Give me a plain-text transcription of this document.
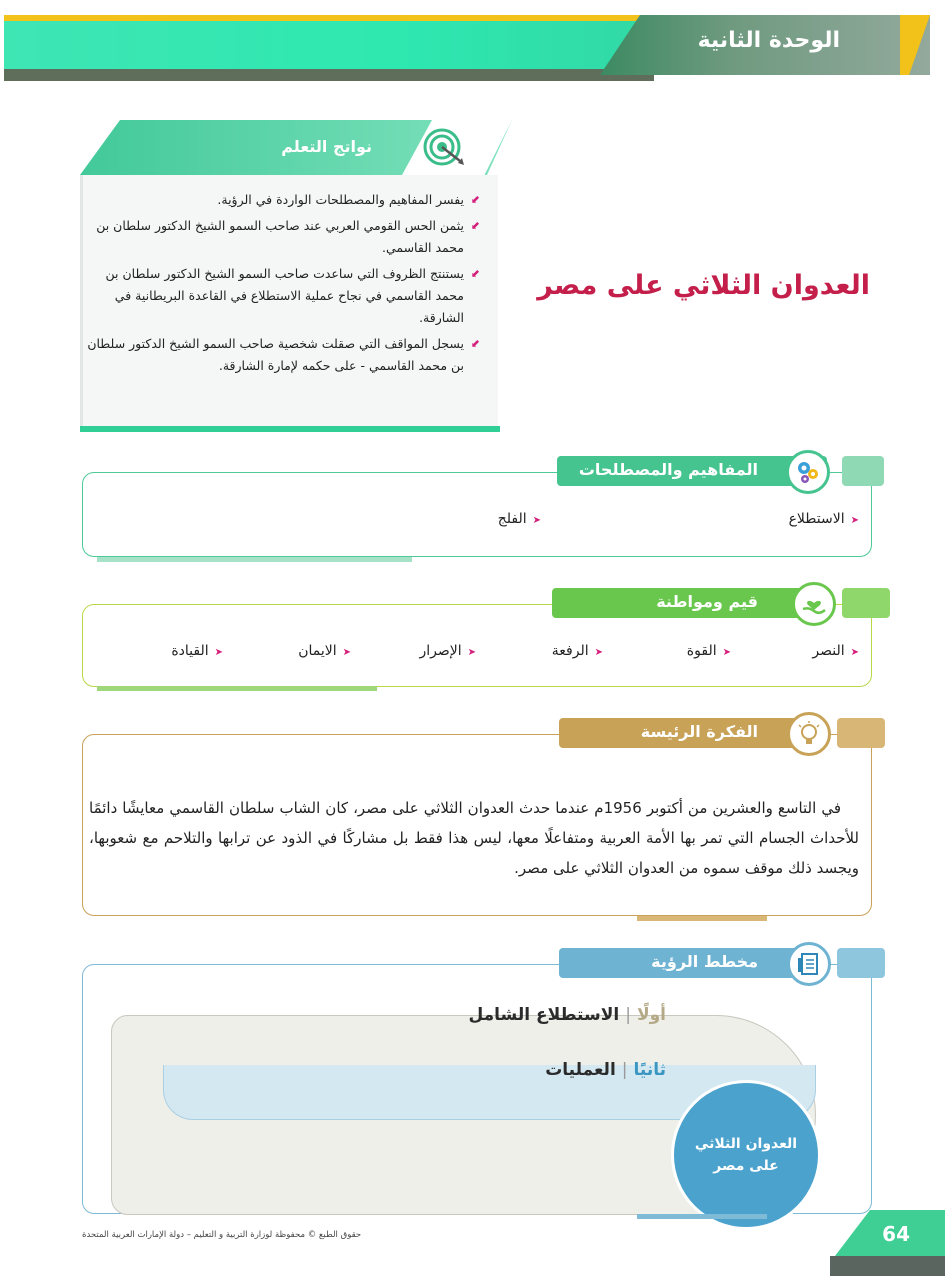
الوحدة الثانية
نواتج التعلم
⬋
يفسر المفاهيم والمصطلحات الواردة في الرؤية.
⬋
يثمن الحس القومي العربي عند صاحب السمو الشيخ الدكتور سلطان بن محمد القاسمي.
⬋
يستنتج الظروف التي ساعدت صاحب السمو الشيخ الدكتور سلطان بن محمد القاسمي في نجاح عملية الاستطلاع في القاعدة البريطانية في الشارقة.
⬋
يسجل المواقف التي صقلت شخصية صاحب السمو الشيخ الدكتور سلطان بن محمد القاسمي - على حكمه لإمارة الشارقة.
العدوان الثلاثي على مصر
➤الاستطلاع
➤الفلج
المفاهيم والمصطلحات
➤النصر
➤القوة
➤الرفعة
➤الإصرار
➤الايمان
➤القيادة
قيم ومواطنة

في التاسع والعشرين من أكتوبر 1956م عندما حدث العدوان الثلاثي على مصر، كان الشاب سلطان القاسمي معايشًا دائمًا للأحداث الجسام التي تمر بها الأمة العربية ومتفاعلًا معها، ليس هذا فقط بل مشاركًا في الذود عن ترابها والتلاحم مع شعوبها، ويجسد ذلك موقف سموه من العدوان الثلاثي على مصر.

الفكرة الرئيسة
أولًا|الاستطلاع الشامل
ثانيًا|العمليات
العدوان الثلاثي
على مصر
مخطط الرؤية
64
حقوق الطبع © محفوظة لوزارة التربية و التعليم – دولة الإمارات العربية المتحدة
